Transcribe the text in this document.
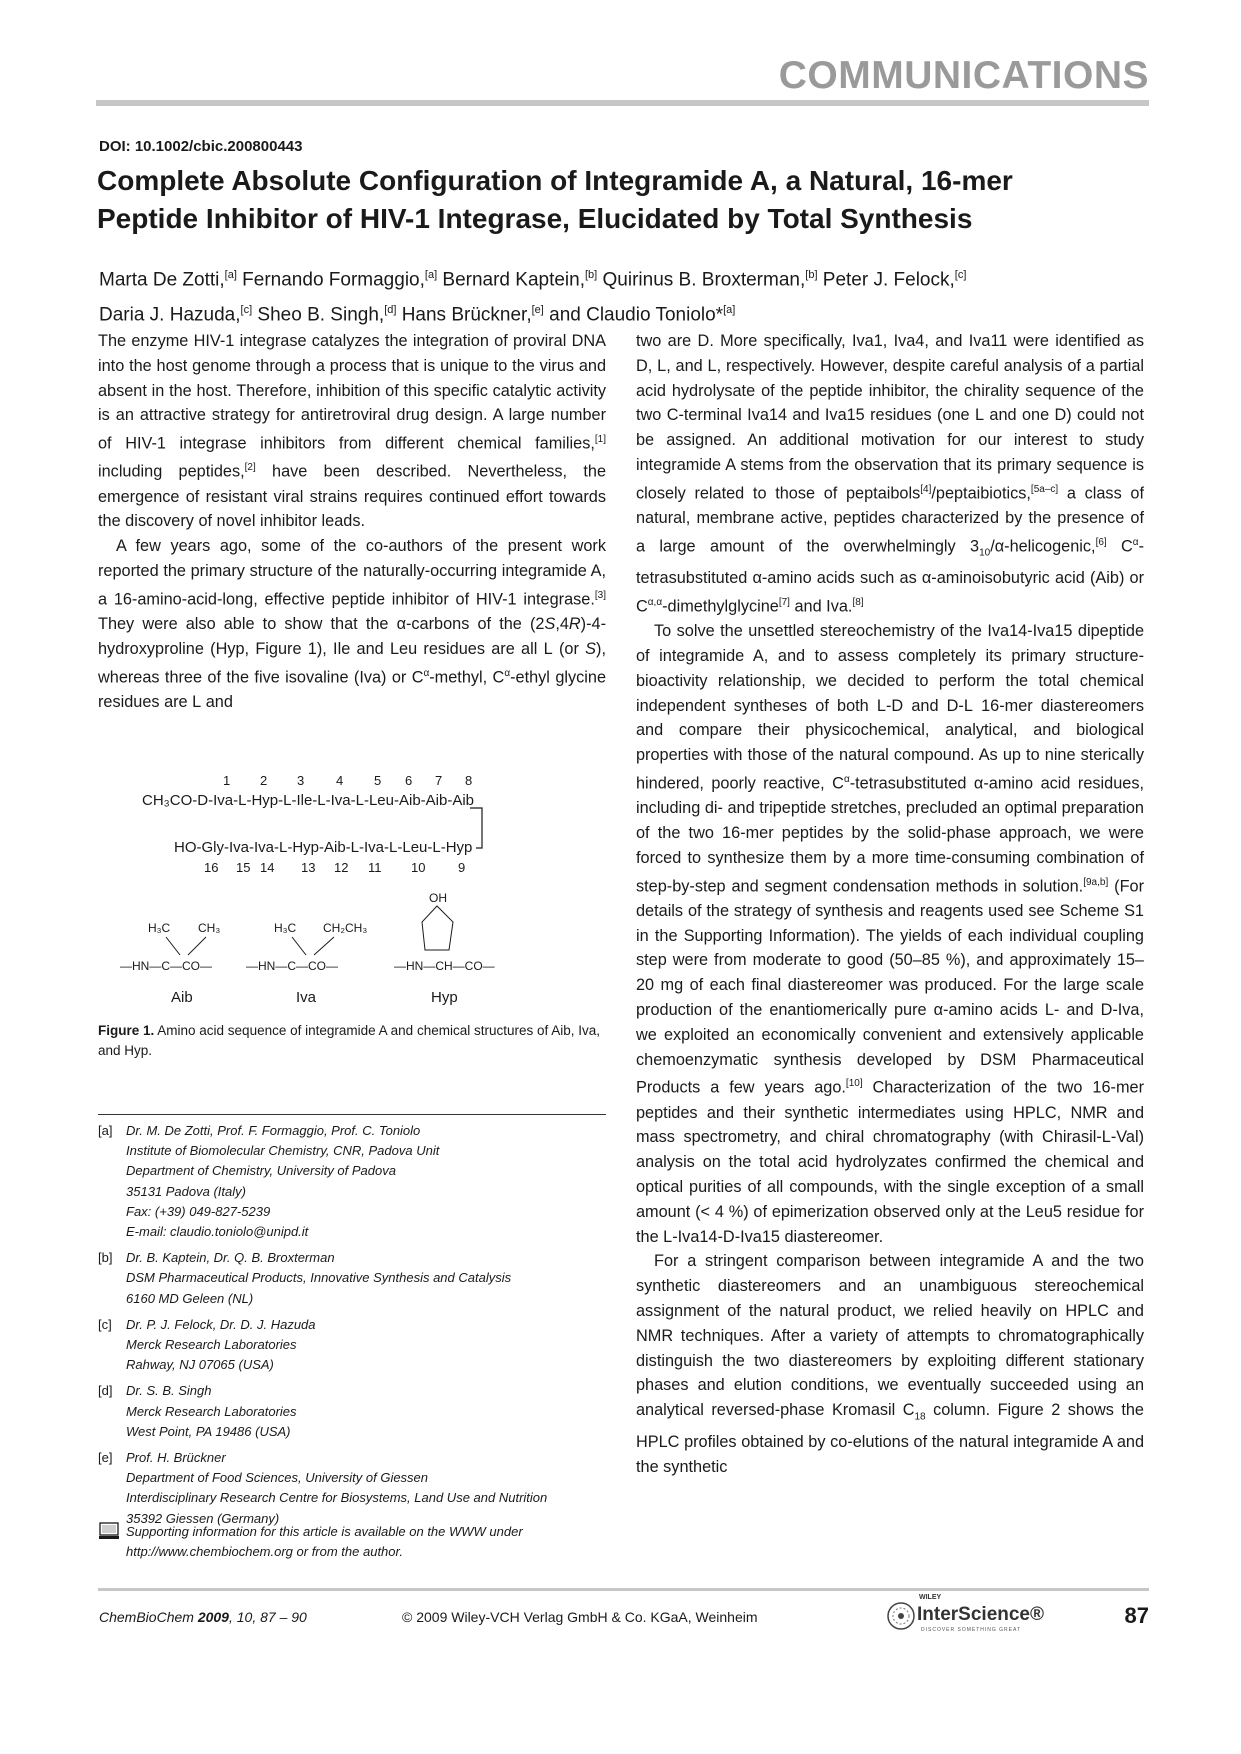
COMMUNICATIONS
DOI: 10.1002/cbic.200800443
Complete Absolute Configuration of Integramide A, a Natural, 16-mer
Peptide Inhibitor of HIV-1 Integrase, Elucidated by Total Synthesis
Marta De Zotti,[a] Fernando Formaggio,[a] Bernard Kaptein,[b] Quirinus B. Broxterman,[b] Peter J. Felock,[c]
Daria J. Hazuda,[c] Sheo B. Singh,[d] Hans Brückner,[e] and Claudio Toniolo*[a]

The enzyme HIV-1 integrase catalyzes the integration of proviral DNA into the host genome through a process that is unique to the virus and absent in the host. Therefore, inhibition of this specific catalytic activity is an attractive strategy for antiretroviral drug design. A large number of HIV-1 integrase inhibitors from different chemical families,[1] including peptides,[2] have been described. Nevertheless, the emergence of resistant viral strains requires continued effort towards the discovery of novel inhibitor leads.

A few years ago, some of the co-authors of the present work reported the primary structure of the naturally-occurring integramide A, a 16-amino-acid-long, effective peptide inhibitor of HIV-1 integrase.[3] They were also able to show that the α-carbons of the (2S,4R)-4-hydroxyproline (Hyp, Figure 1), Ile and Leu residues are all L (or S), whereas three of the five isovaline (Iva) or $C^\alpha$-methyl, $C^\alpha$-ethyl glycine residues are L and

1 2 3 4 5 6 7 8
CH₃CO-D-Iva-L-Hyp-L-Ile-L-Iva-L-Leu-Aib-Aib-Aib
HO-Gly-Iva-Iva-L-Hyp-Aib-L-Iva-L-Leu-L-Hyp
16 15 14 13 12 11 10	9
H₃C CH₃
—HN—C—CO—
Aib
H₃C CH₂CH₃
—HN—C—CO—
Iva
OH
—HN—CH—CO—
Hyp
Figure 1. Amino acid sequence of integramide A and chemical structures of Aib, Iva, and Hyp.
[a]	Dr. M. De Zotti, Prof. F. Formaggio, Prof. C. Toniolo
Institute of Biomolecular Chemistry, CNR, Padova Unit
Department of Chemistry, University of Padova
35131 Padova (Italy)
Fax: (+39) 049-827-5239
E-mail: claudio.toniolo@unipd.it
[b]	Dr. B. Kaptein, Dr. Q. B. Broxterman
DSM Pharmaceutical Products, Innovative Synthesis and Catalysis
6160 MD Geleen (NL)
[c]	Dr. P. J. Felock, Dr. D. J. Hazuda
Merck Research Laboratories
Rahway, NJ 07065 (USA)
[d]	Dr. S. B. Singh
Merck Research Laboratories
West Point, PA 19486 (USA)
[e]	Prof. H. Brückner
Department of Food Sciences, University of Giessen
Interdisciplinary Research Centre for Biosystems, Land Use and Nutrition
35392 Giessen (Germany)
Supporting information for this article is available on the WWW under
http://www.chembiochem.org or from the author.

two are D. More specifically, Iva1, Iva4, and Iva11 were identified as D, L, and L, respectively. However, despite careful analysis of a partial acid hydrolysate of the peptide inhibitor, the chirality sequence of the two C-terminal Iva14 and Iva15 residues (one L and one D) could not be assigned. An additional motivation for our interest to study integramide A stems from the observation that its primary sequence is closely related to those of peptaibols[4]/peptaibiotics,[5a–c] a class of natural, membrane active, peptides characterized by the presence of a large amount of the overwhelmingly $3_{10}/\alpha-helicogenic,[6]$ $C^\alpha$-tetrasubstituted α-amino acids such as α-aminoisobutyric acid (Aib) or $C^{\alpha,\alpha}-dimethylglycine[7]$ and Iva.[8]

To solve the unsettled stereochemistry of the Iva14-Iva15 dipeptide of integramide A, and to assess completely its primary structure-bioactivity relationship, we decided to perform the total chemical independent syntheses of both L-D and D-L 16-mer diastereomers and compare their physicochemical, analytical, and biological properties with those of the natural compound. As up to nine sterically hindered, poorly reactive, $C^\alpha$-tetrasubstituted α-amino acid residues, including di- and tripeptide stretches, precluded an optimal preparation of the two 16-mer peptides by the solid-phase approach, we were forced to synthesize them by a more time-consuming combination of step-by-step and segment condensation methods in solution.[9a,b] (For details of the strategy of synthesis and reagents used see Scheme S1 in the Supporting Information). The yields of each individual coupling step were from moderate to good (50–85 %), and approximately 15–20 mg of each final diastereomer was produced. For the large scale production of the enantiomerically pure α-amino acids L- and D-Iva, we exploited an economically convenient and extensively applicable chemoenzymatic synthesis developed by DSM Pharmaceutical Products a few years ago.[10] Characterization of the two 16-mer peptides and their synthetic intermediates using HPLC, NMR and mass spectrometry, and chiral chromatography (with Chirasil-L-Val) analysis on the total acid hydrolyzates confirmed the chemical and optical purities of all compounds, with the single exception of a small amount (< 4 %) of epimerization observed only at the Leu5 residue for the L-Iva14-D-Iva15 diastereomer.

For a stringent comparison between integramide A and the two synthetic diastereomers and an unambiguous stereochemical assignment of the natural product, we relied heavily on HPLC and NMR techniques. After a variety of attempts to chromatographically distinguish the two diastereomers by exploiting different stationary phases and elution conditions, we eventually succeeded using an analytical reversed-phase Kromasil $C_{18}$ column. Figure 2 shows the HPLC profiles obtained by co-elutions of the natural integramide A and the synthetic

ChemBioChem 2009, 10, 87 – 90	© 2009 Wiley-VCH Verlag GmbH & Co. KGaA, Weinheim
WILEY
InterScience®
DISCOVER SOMETHING GREAT
87
